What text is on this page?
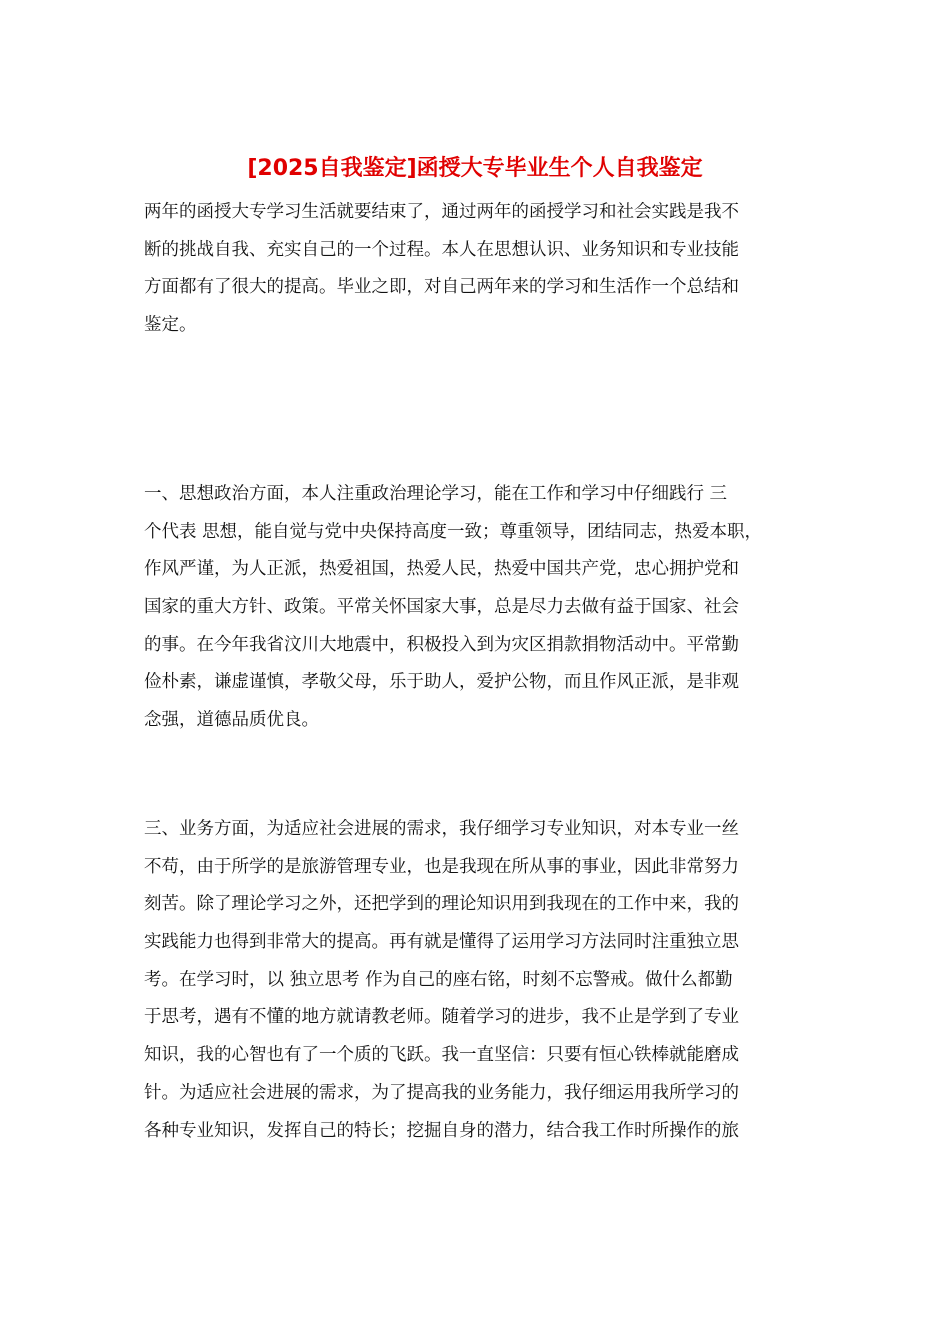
[2025自我鉴定]函授大专毕业生个人自我鉴定

两年的函授大专学习生活就要结束了，通过两年的函授学习和社会实践是我不
断的挑战自我、充实自己的一个过程。本人在思想认识、业务知识和专业技能
方面都有了很大的提高。毕业之即，对自己两年来的学习和生活作一个总结和
鉴定。

一、思想政治方面，本人注重政治理论学习，能在工作和学习中仔细践行 三
个代表 思想，能自觉与党中央保持高度一致；尊重领导，团结同志，热爱本职，
作风严谨，为人正派，热爱祖国，热爱人民，热爱中国共产党，忠心拥护党和
国家的重大方针、政策。平常关怀国家大事，总是尽力去做有益于国家、社会
的事。在今年我省汶川大地震中，积极投入到为灾区捐款捐物活动中。平常勤
俭朴素，谦虚谨慎，孝敬父母，乐于助人，爱护公物，而且作风正派，是非观
念强，道德品质优良。

三、业务方面，为适应社会进展的需求，我仔细学习专业知识，对本专业一丝
不苟，由于所学的是旅游管理专业，也是我现在所从事的事业，因此非常努力
刻苦。除了理论学习之外，还把学到的理论知识用到我现在的工作中来，我的
实践能力也得到非常大的提高。再有就是懂得了运用学习方法同时注重独立思
考。在学习时，以 独立思考 作为自己的座右铭，时刻不忘警戒。做什么都勤
于思考，遇有不懂的地方就请教老师。随着学习的进步，我不止是学到了专业
知识，我的心智也有了一个质的飞跃。我一直坚信：只要有恒心铁棒就能磨成
针。为适应社会进展的需求，为了提高我的业务能力，我仔细运用我所学习的
各种专业知识，发挥自己的特长；挖掘自身的潜力，结合我工作时所操作的旅
